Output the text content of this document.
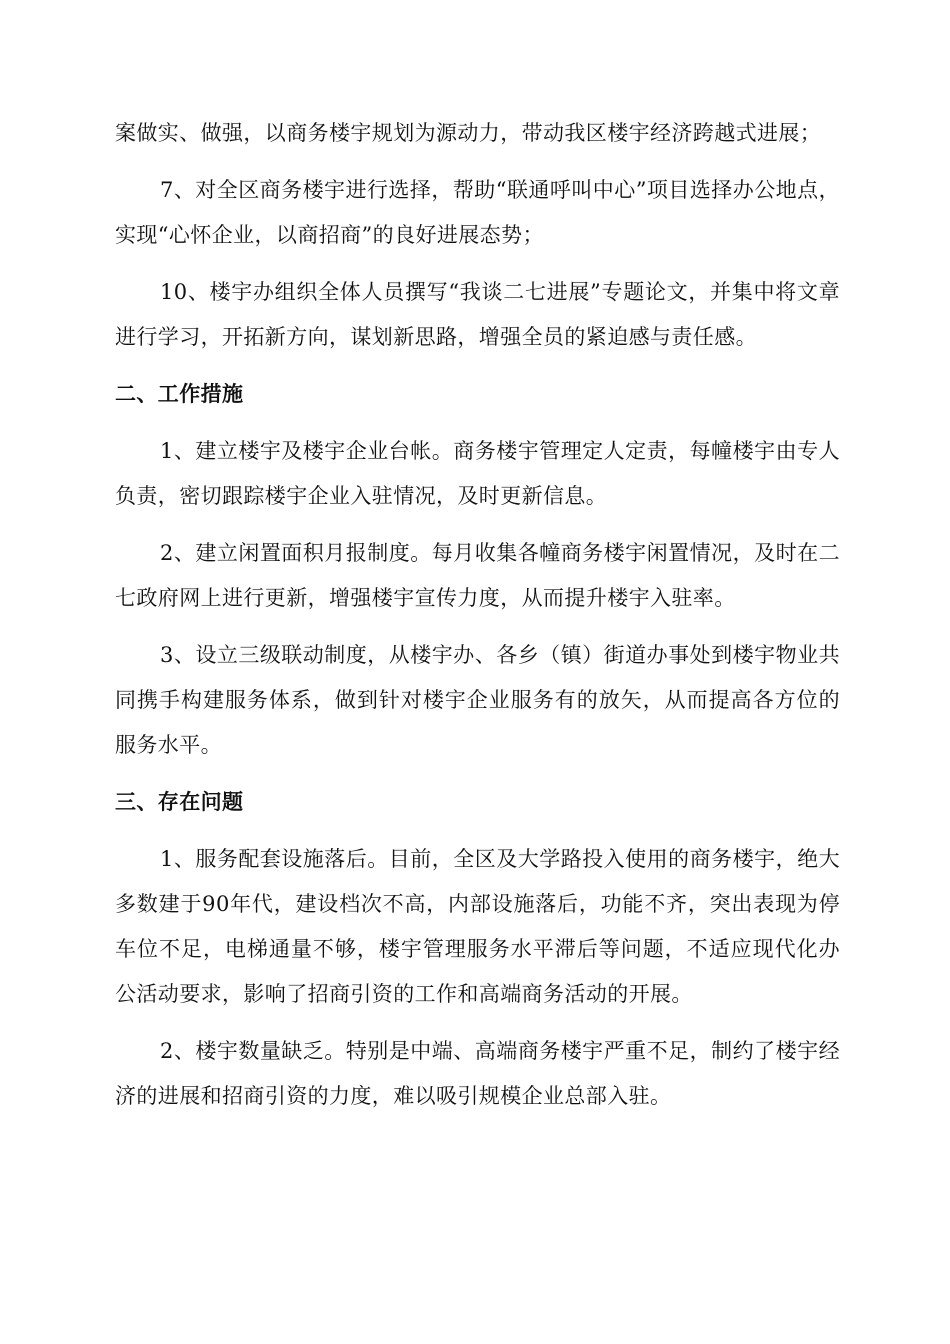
案做实、做强，以商务楼宇规划为源动力，带动我区楼宇经济跨越式进展；

7、对全区商务楼宇进行选择，帮助“联通呼叫中心”项目选择办公地点，实现“心怀企业，以商招商”的良好进展态势；

10、楼宇办组织全体人员撰写“我谈二七进展”专题论文，并集中将文章进行学习，开拓新方向，谋划新思路，增强全员的紧迫感与责任感。

二、工作措施

1、建立楼宇及楼宇企业台帐。商务楼宇管理定人定责，每幢楼宇由专人负责，密切跟踪楼宇企业入驻情况，及时更新信息。

2、建立闲置面积月报制度。每月收集各幢商务楼宇闲置情况，及时在二七政府网上进行更新，增强楼宇宣传力度，从而提升楼宇入驻率。

3、设立三级联动制度，从楼宇办、各乡（镇）街道办事处到楼宇物业共同携手构建服务体系，做到针对楼宇企业服务有的放矢，从而提高各方位的服务水平。

三、存在问题

1、服务配套设施落后。目前，全区及大学路投入使用的商务楼宇，绝大多数建于90年代，建设档次不高，内部设施落后，功能不齐，突出表现为停车位不足，电梯通量不够，楼宇管理服务水平滞后等问题，不适应现代化办公活动要求，影响了招商引资的工作和高端商务活动的开展。

2、楼宇数量缺乏。特别是中端、高端商务楼宇严重不足，制约了楼宇经济的进展和招商引资的力度，难以吸引规模企业总部入驻。
